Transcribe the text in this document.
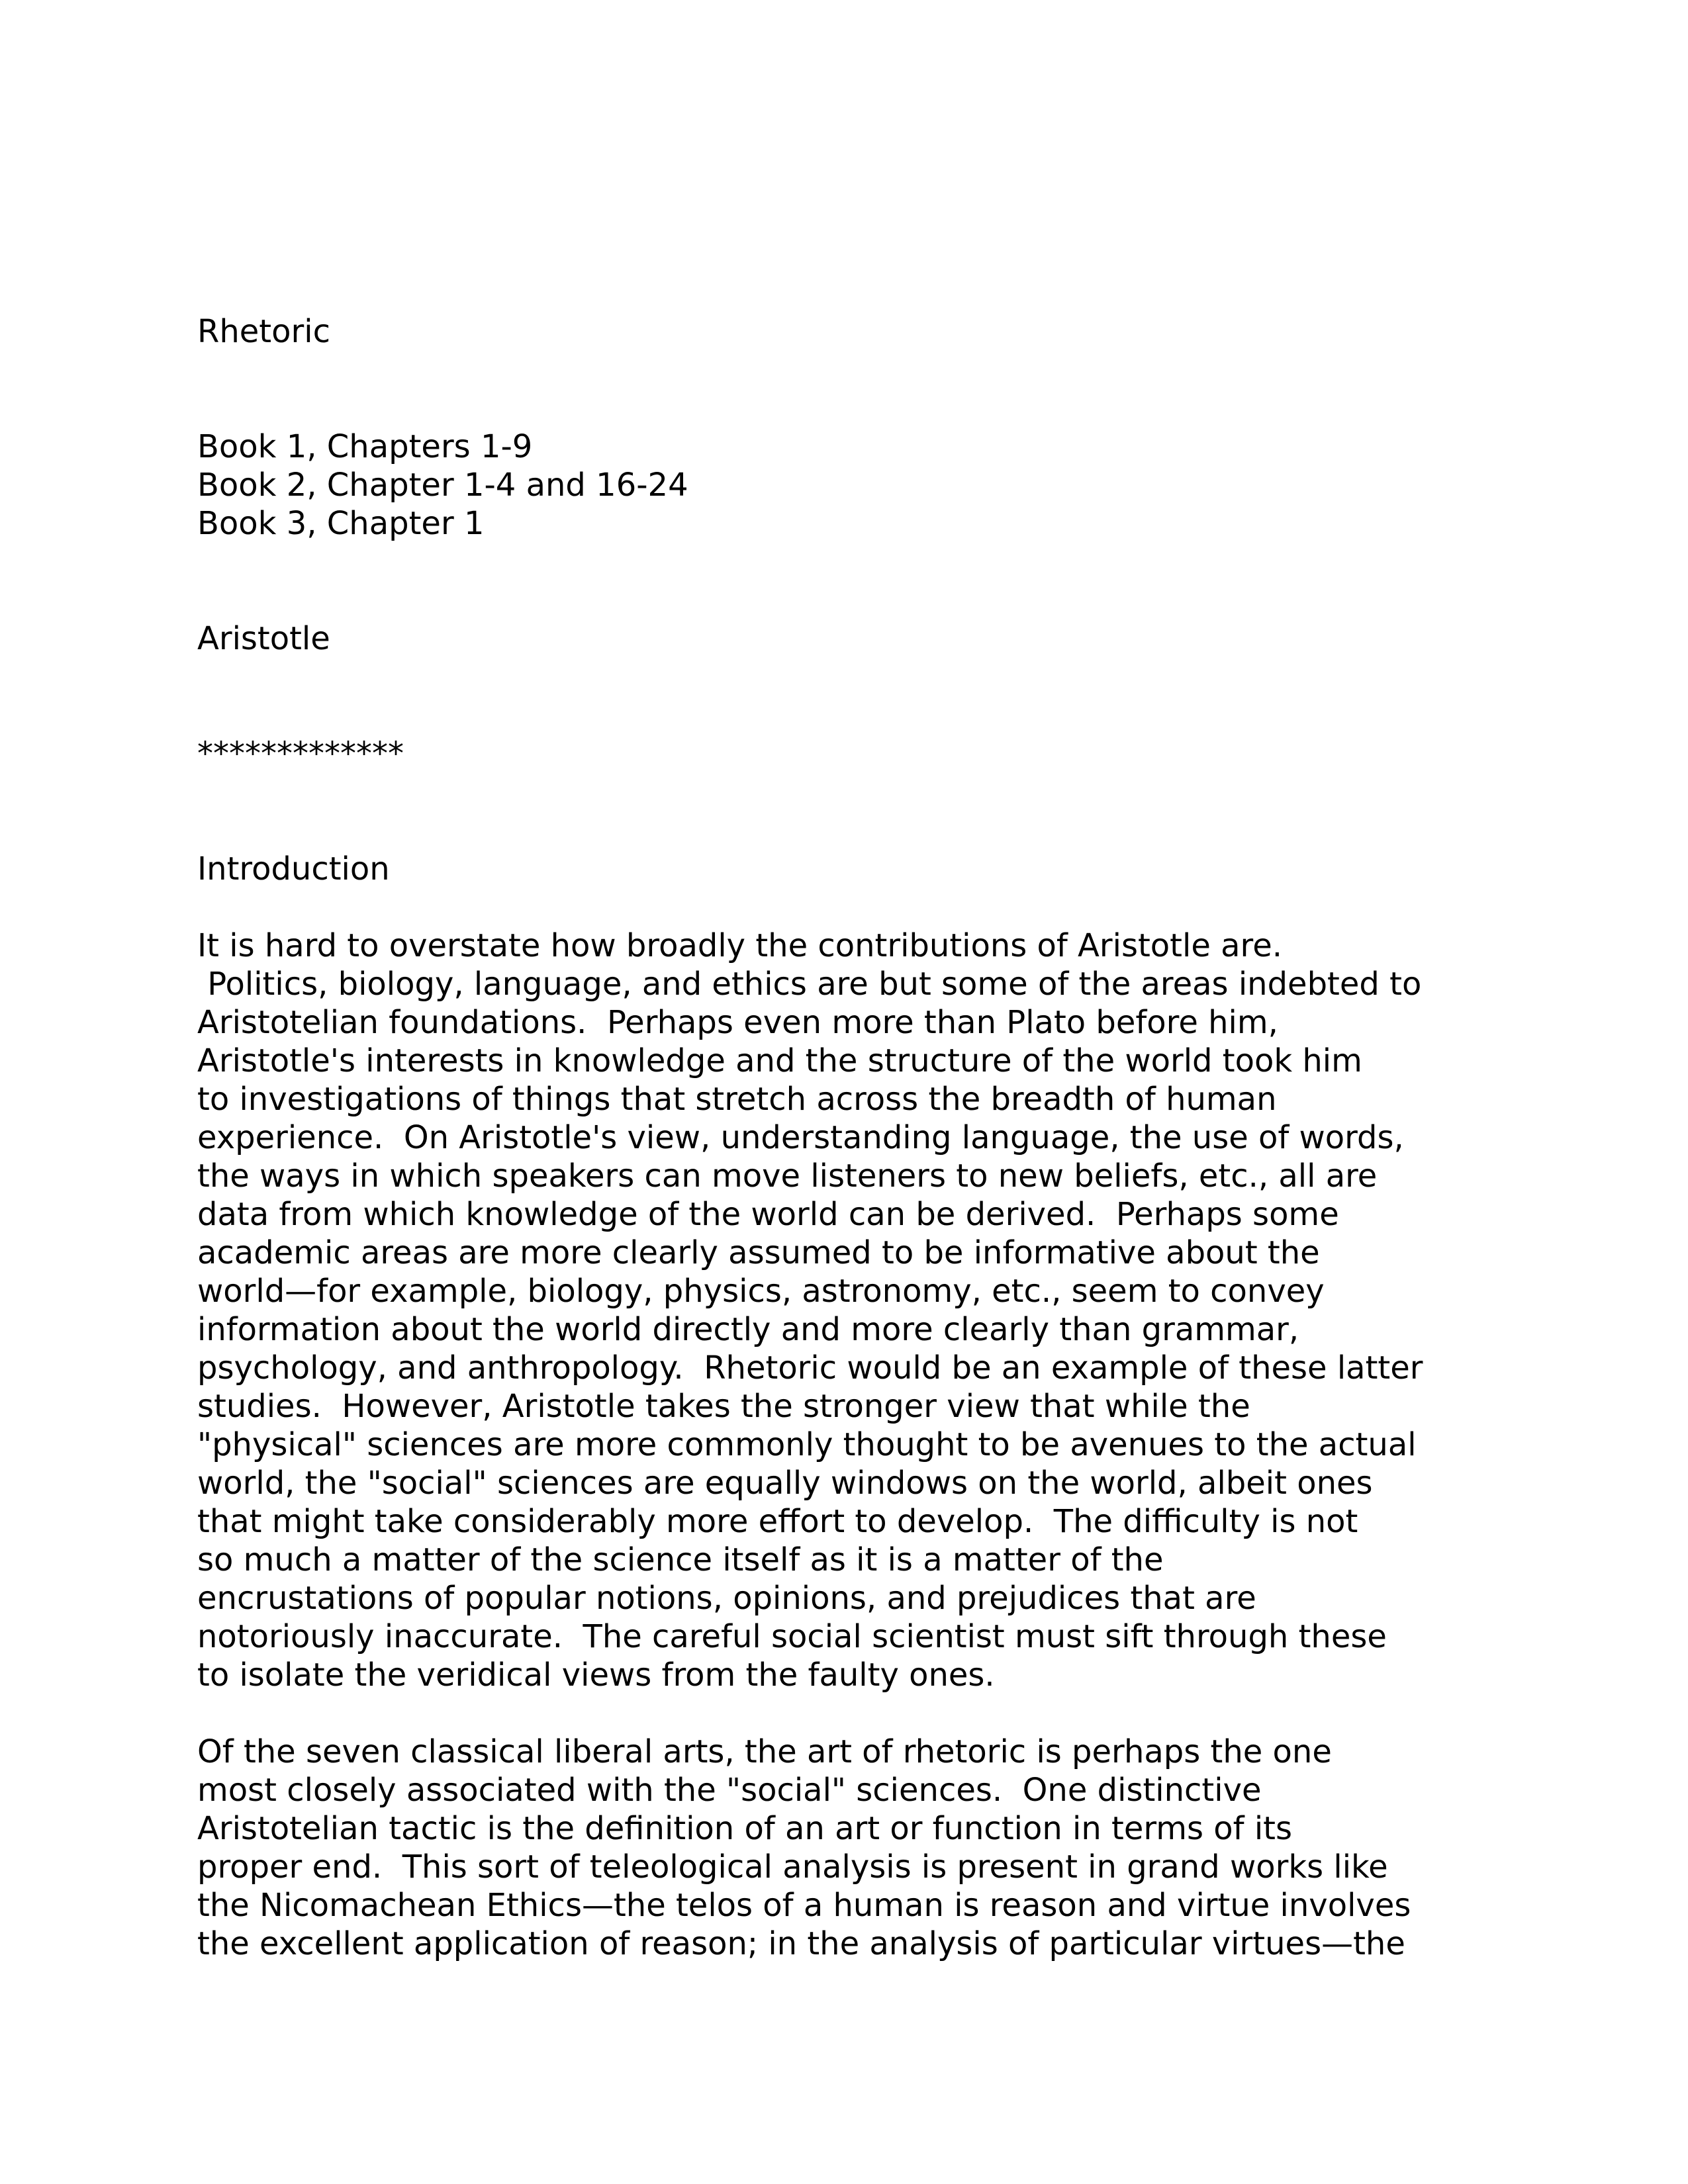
Rhetoric

Book 1, Chapters 1-9

Book 2, Chapter 1-4 and 16-24

Book 3, Chapter 1

Aristotle

*************

Introduction

It is hard to overstate how broadly the contributions of Aristotle are.
Politics, biology, language, and ethics are but some of the areas indebted to
Aristotelian foundations.  Perhaps even more than Plato before him,
Aristotle's interests in knowledge and the structure of the world took him
to investigations of things that stretch across the breadth of human
experience.  On Aristotle's view, understanding language, the use of words,
the ways in which speakers can move listeners to new beliefs, etc., all are
data from which knowledge of the world can be derived.  Perhaps some
academic areas are more clearly assumed to be informative about the
world—for example, biology, physics, astronomy, etc., seem to convey
information about the world directly and more clearly than grammar,
psychology, and anthropology.  Rhetoric would be an example of these latter
studies.  However, Aristotle takes the stronger view that while the
"physical" sciences are more commonly thought to be avenues to the actual
world, the "social" sciences are equally windows on the world, albeit ones
that might take considerably more effort to develop.  The difficulty is not
so much a matter of the science itself as it is a matter of the
encrustations of popular notions, opinions, and prejudices that are
notoriously inaccurate.  The careful social scientist must sift through these
to isolate the veridical views from the faulty ones.
Of the seven classical liberal arts, the art of rhetoric is perhaps the one
most closely associated with the "social" sciences.  One distinctive
Aristotelian tactic is the definition of an art or function in terms of its
proper end.  This sort of teleological analysis is present in grand works like
the Nicomachean Ethics—the telos of a human is reason and virtue involves
the excellent application of reason; in the analysis of particular virtues—the
